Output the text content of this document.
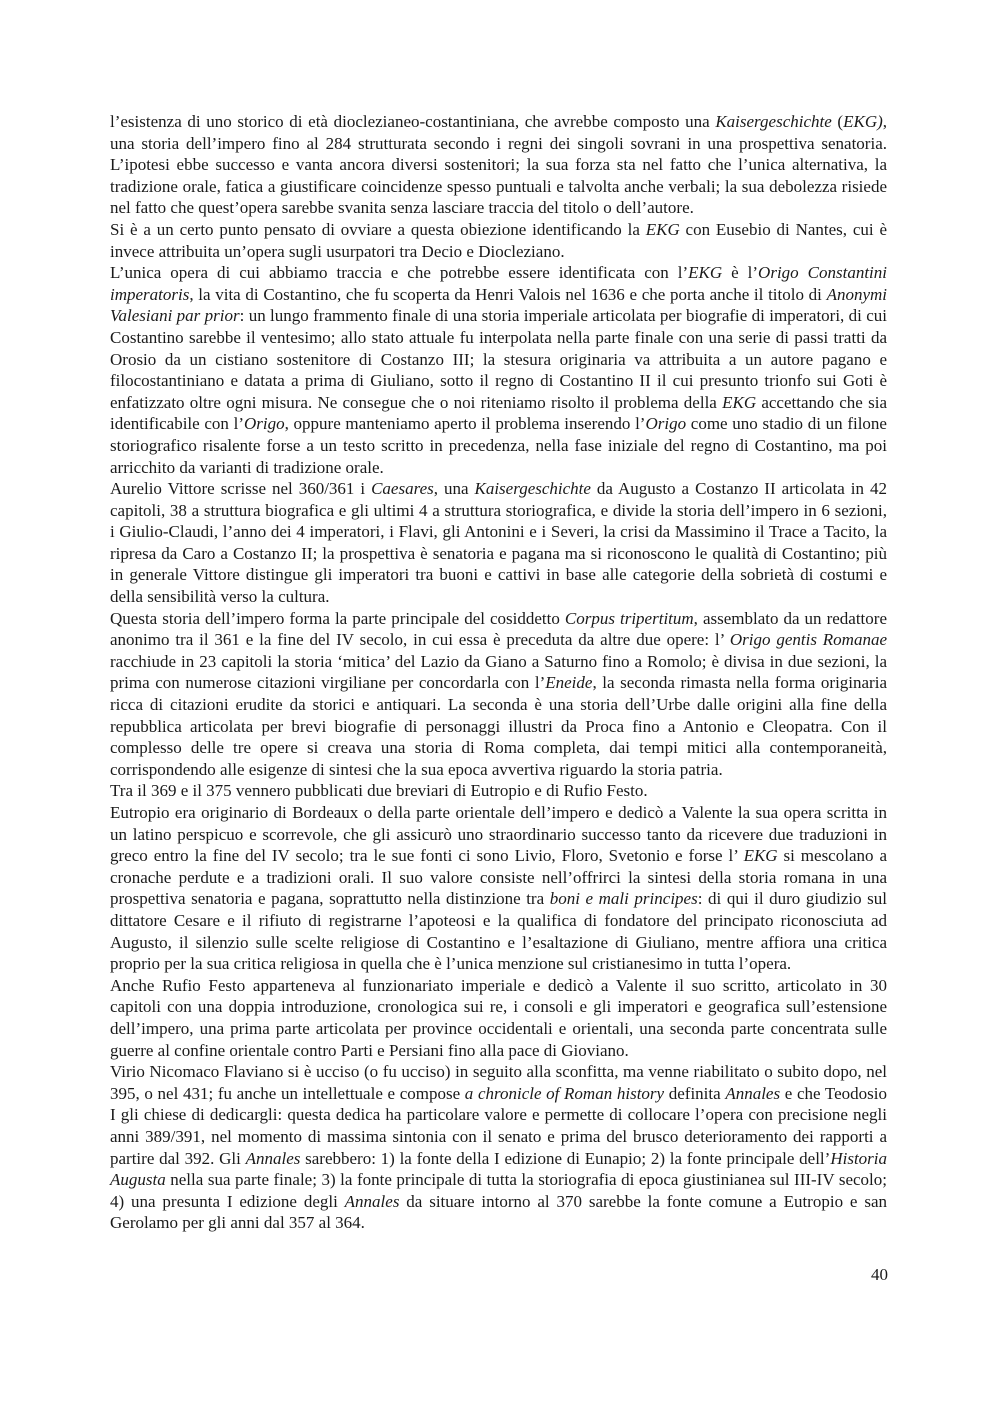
l’esistenza di uno storico di età dioclezianeo-costantiniana, che avrebbe composto una Kaisergeschichte (EKG), una storia dell’impero fino al 284 strutturata secondo i regni dei singoli sovrani in una prospettiva senatoria. L’ipotesi ebbe successo e vanta ancora diversi sostenitori; la sua forza sta nel fatto che l’unica alternativa, la tradizione orale, fatica a giustificare coincidenze spesso puntuali e talvolta anche verbali; la sua debolezza risiede nel fatto che quest’opera sarebbe svanita senza lasciare traccia del titolo o dell’autore.

Si è a un certo punto pensato di ovviare a questa obiezione identificando la EKG con Eusebio di Nantes, cui è invece attribuita un’opera sugli usurpatori tra Decio e Diocleziano.

L’unica opera di cui abbiamo traccia e che potrebbe essere identificata con l’EKG è l’Origo Constantini imperatoris, la vita di Costantino, che fu scoperta da Henri Valois nel 1636 e che porta anche il titolo di Anonymi Valesiani par prior: un lungo frammento finale di una storia imperiale articolata per biografie di imperatori, di cui Costantino sarebbe il ventesimo; allo stato attuale fu interpolata nella parte finale con una serie di passi tratti da Orosio da un cistiano sostenitore di Costanzo III; la stesura originaria va attribuita a un autore pagano e filocostantiniano e datata a prima di Giuliano, sotto il regno di Costantino II il cui presunto trionfo sui Goti è enfatizzato oltre ogni misura. Ne consegue che o noi riteniamo risolto il problema della EKG accettando che sia identificabile con l’Origo, oppure manteniamo aperto il problema inserendo l’Origo come uno stadio di un filone storiografico risalente forse a un testo scritto in precedenza, nella fase iniziale del regno di Costantino, ma poi arricchito da varianti di tradizione orale.

Aurelio Vittore scrisse nel 360/361 i Caesares, una Kaisergeschichte da Augusto a Costanzo II articolata in 42 capitoli, 38 a struttura biografica e gli ultimi 4 a struttura storiografica, e divide la storia dell’impero in 6 sezioni, i Giulio-Claudi, l’anno dei 4 imperatori, i Flavi, gli Antonini e i Severi, la crisi da Massimino il Trace a Tacito, la ripresa da Caro a Costanzo II; la prospettiva è senatoria e pagana ma si riconoscono le qualità di Costantino; più in generale Vittore distingue gli imperatori tra buoni e cattivi in base alle categorie della sobrietà di costumi e della sensibilità verso la cultura.

Questa storia dell’impero forma la parte principale del cosiddetto Corpus tripertitum, assemblato da un redattore anonimo tra il 361 e la fine del IV secolo, in cui essa è preceduta da altre due opere: l’ Origo gentis Romanae racchiude in 23 capitoli la storia ‘mitica’ del Lazio da Giano a Saturno fino a Romolo; è divisa in due sezioni, la prima con numerose citazioni virgiliane per concordarla con l’Eneide, la seconda rimasta nella forma originaria ricca di citazioni erudite da storici e antiquari. La seconda è una storia dell’Urbe dalle origini alla fine della repubblica articolata per brevi biografie di personaggi illustri da Proca fino a Antonio e Cleopatra. Con il complesso delle tre opere si creava una storia di Roma completa, dai tempi mitici alla contemporaneità, corrispondendo alle esigenze di sintesi che la sua epoca avvertiva riguardo la storia patria.

Tra il 369 e il 375 vennero pubblicati due breviari di Eutropio e di Rufio Festo.

Eutropio era originario di Bordeaux o della parte orientale dell’impero e dedicò a Valente la sua opera scritta in un latino perspicuo e scorrevole, che gli assicurò uno straordinario successo tanto da ricevere due traduzioni in greco entro la fine del IV secolo; tra le sue fonti ci sono Livio, Floro, Svetonio e forse l’ EKG si mescolano a cronache perdute e a tradizioni orali. Il suo valore consiste nell’offrirci la sintesi della storia romana in una prospettiva senatoria e pagana, soprattutto nella distinzione tra boni e mali principes: di qui il duro giudizio sul dittatore Cesare e il rifiuto di registrarne l’apoteosi e la qualifica di fondatore del principato riconosciuta ad Augusto, il silenzio sulle scelte religiose di Costantino e l’esaltazione di Giuliano, mentre affiora una critica proprio per la sua critica religiosa in quella che è l’unica menzione sul cristianesimo in tutta l’opera.

Anche Rufio Festo apparteneva al funzionariato imperiale e dedicò a Valente il suo scritto, articolato in 30 capitoli con una doppia introduzione, cronologica sui re, i consoli e gli imperatori e geografica sull’estensione dell’impero, una prima parte articolata per province occidentali e orientali, una seconda parte concentrata sulle guerre al confine orientale contro Parti e Persiani fino alla pace di Gioviano.

Virio Nicomaco Flaviano si è ucciso (o fu ucciso) in seguito alla sconfitta, ma venne riabilitato o subito dopo, nel 395, o nel 431; fu anche un intellettuale e compose a chronicle of Roman history definita Annales e che Teodosio I gli chiese di dedicargli: questa dedica ha particolare valore e permette di collocare l’opera con precisione negli anni 389/391, nel momento di massima sintonia con il senato e prima del brusco deterioramento dei rapporti a partire dal 392. Gli Annales sarebbero: 1) la fonte della I edizione di Eunapio; 2) la fonte principale dell’Historia Augusta nella sua parte finale; 3) la fonte principale di tutta la storiografia di epoca giustinianea sul III-IV secolo; 4) una presunta I edizione degli Annales da situare intorno al 370 sarebbe la fonte comune a Eutropio e san Gerolamo per gli anni dal 357 al 364.

40
